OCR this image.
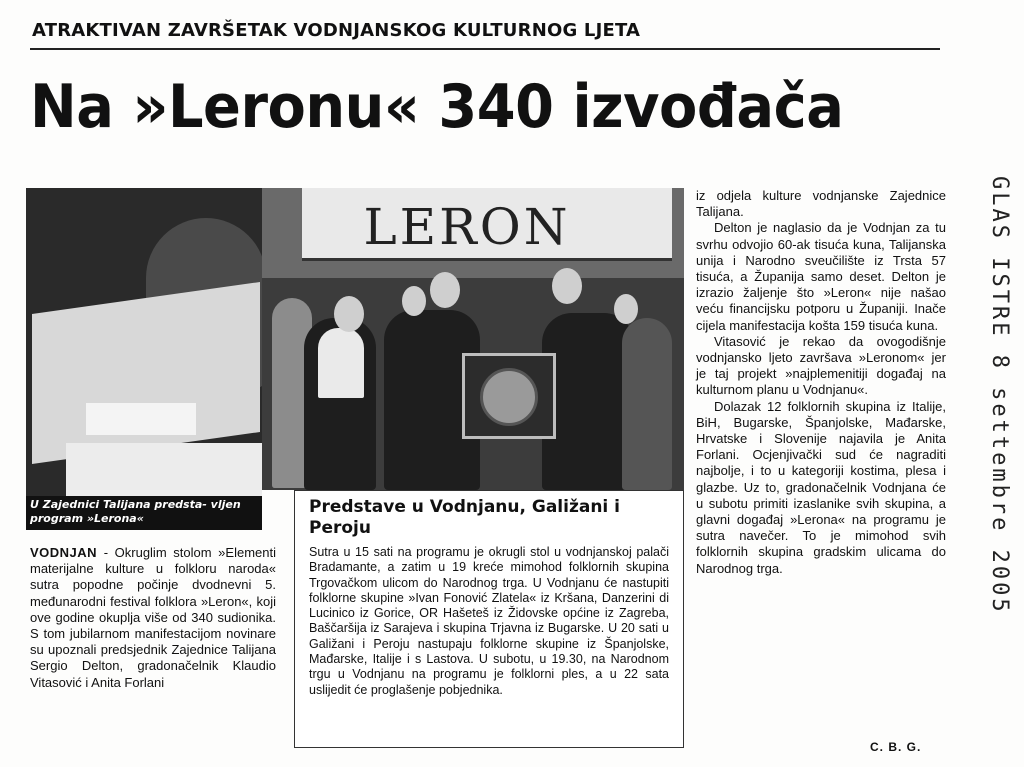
ATRAKTIVAN ZAVRŠETAK VODNJANSKOG KULTURNOG LJETA
Na »Leronu« 340 izvođača
U Zajednici Talijana predsta- vljen program »Lerona«
LERON
VODNJAN - Okruglim stolom »Elementi materijalne kulture u folkloru naroda« sutra popodne počinje dvodnevni 5. međunarodni festival folklora »Leron«, koji ove godine okuplja više od 340 sudionika. S tom jubilarnom manifestacijom novinare su upoznali predsjednik Zajednice Talijana Sergio Delton, gradonačelnik Klaudio Vitasović i Anita Forlani
Predstave u Vodnjanu, Galižani i Peroju
Sutra u 15 sati na programu je okrugli stol u vodnjanskoj palači Bradamante, a zatim u 19 kreće mimohod folklornih skupina Trgovačkom ulicom do Narodnog trga. U Vodnjanu će nastupiti folklorne skupine »Ivan Fonović Zlatela« iz Kršana, Danzerini di Lucinico iz Gorice, OR Hašeteš iz Židovske općine iz Zagreba, Baščaršija iz Sarajeva i skupina Trjavna iz Bugarske. U 20 sati u Galižani i Peroju nastupaju folklorne skupine iz Španjolske, Mađarske, Italije i s Lastova. U subotu, u 19.30, na Narodnom trgu u Vodnjanu na programu je folklorni ples, a u 22 sata uslijedit će proglašenje pobjednika.

iz odjela kulture vodnjanske Zajednice Talijana.

Delton je naglasio da je Vodnjan za tu svrhu odvojio 60-ak tisuća kuna, Talijanska unija i Narodno sveučilište iz Trsta 57 tisuća, a Županija samo deset. Delton je izrazio žaljenje što »Leron« nije našao veću financijsku potporu u Županiji. Inače cijela manifestacija košta 159 tisuća kuna.

Vitasović je rekao da ovogodišnje vodnjansko ljeto završava »Leronom« jer je taj projekt »najplemenitiji događaj na kulturnom planu u Vodnjanu«.

Dolazak 12 folklornih skupina iz Italije, BiH, Bugarske, Španjolske, Mađarske, Hrvatske i Slovenije najavila je Anita Forlani. Ocjenjivački sud će nagraditi najbolje, i to u kategoriji kostima, plesa i glazbe. Uz to, gradonačelnik Vodnjana će u subotu primiti izaslanike svih skupina, a glavni događaj »Lerona« na programu je sutra navečer. To je mimohod svih folklornih skupina gradskim ulicama do Narodnog trga.

C. B. G.
GLAS ISTRE 8 settembre 2005
